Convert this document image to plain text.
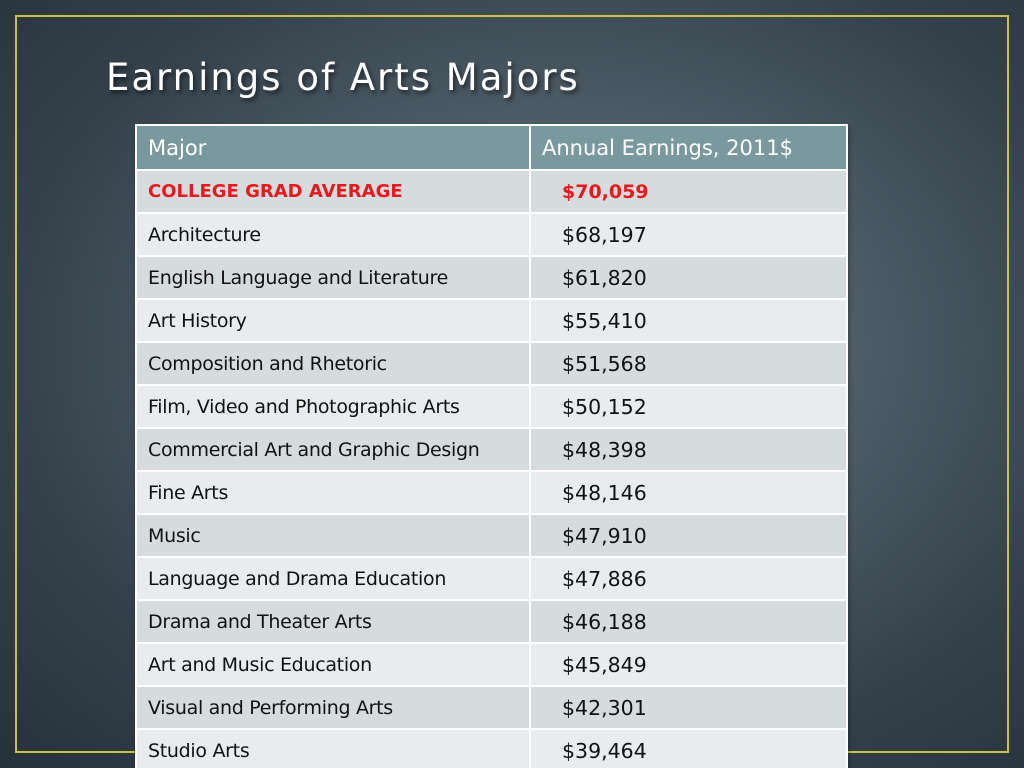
Earnings of Arts Majors
Major	Annual Earnings, 2011$
COLLEGE GRAD AVERAGE	$70,059
Architecture	$68,197
English Language and Literature	$61,820
Art History	$55,410
Composition and Rhetoric	$51,568
Film, Video and Photographic Arts	$50,152
Commercial Art and Graphic Design	$48,398
Fine Arts	$48,146
Music	$47,910
Language and Drama Education	$47,886
Drama and Theater Arts	$46,188
Art and Music Education	$45,849
Visual and Performing Arts	$42,301
Studio Arts	$39,464
